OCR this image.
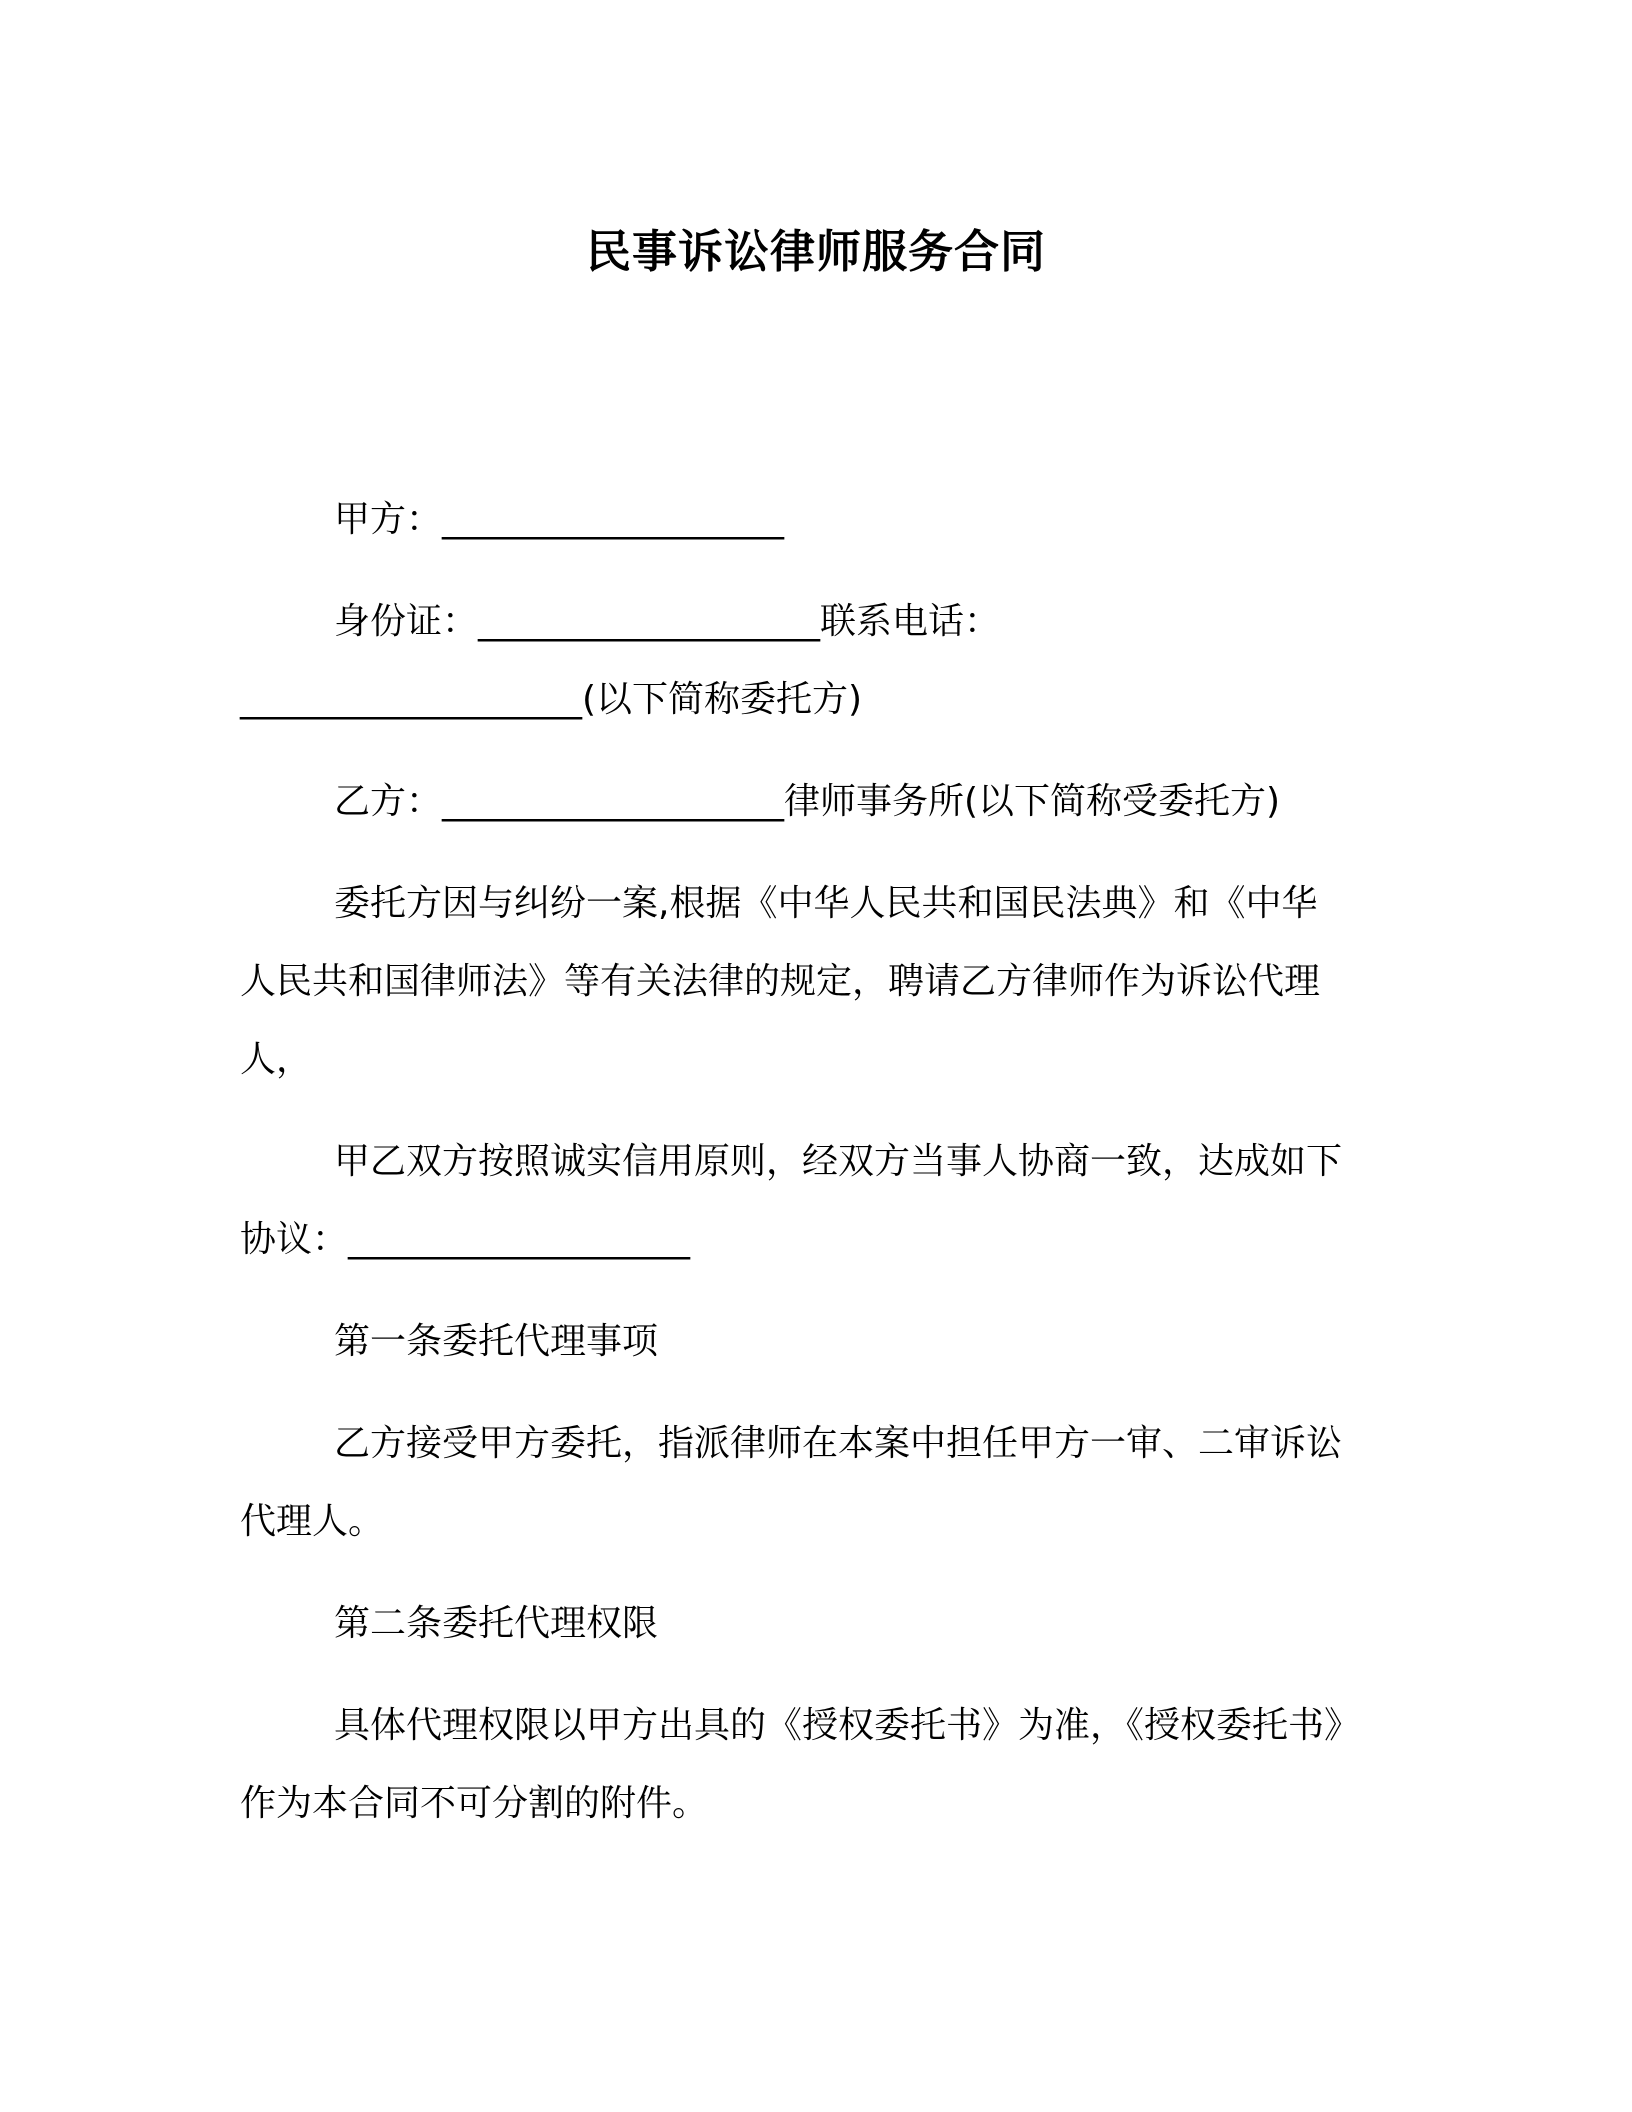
民事诉讼律师服务合同
甲方：___________________
身份证：___________________联系电话：
___________________(以下简称委托方)
乙方：___________________律师事务所(以下简称受委托方)
委托方因与纠纷一案,根据《中华人民共和国民法典》和《中华
人民共和国律师法》等有关法律的规定，聘请乙方律师作为诉讼代理
人，
甲乙双方按照诚实信用原则，经双方当事人协商一致，达成如下
协议：___________________
第一条委托代理事项
乙方接受甲方委托，指派律师在本案中担任甲方一审、二审诉讼
代理人。
第二条委托代理权限
具体代理权限以甲方出具的《授权委托书》为准，《授权委托书》
作为本合同不可分割的附件。
